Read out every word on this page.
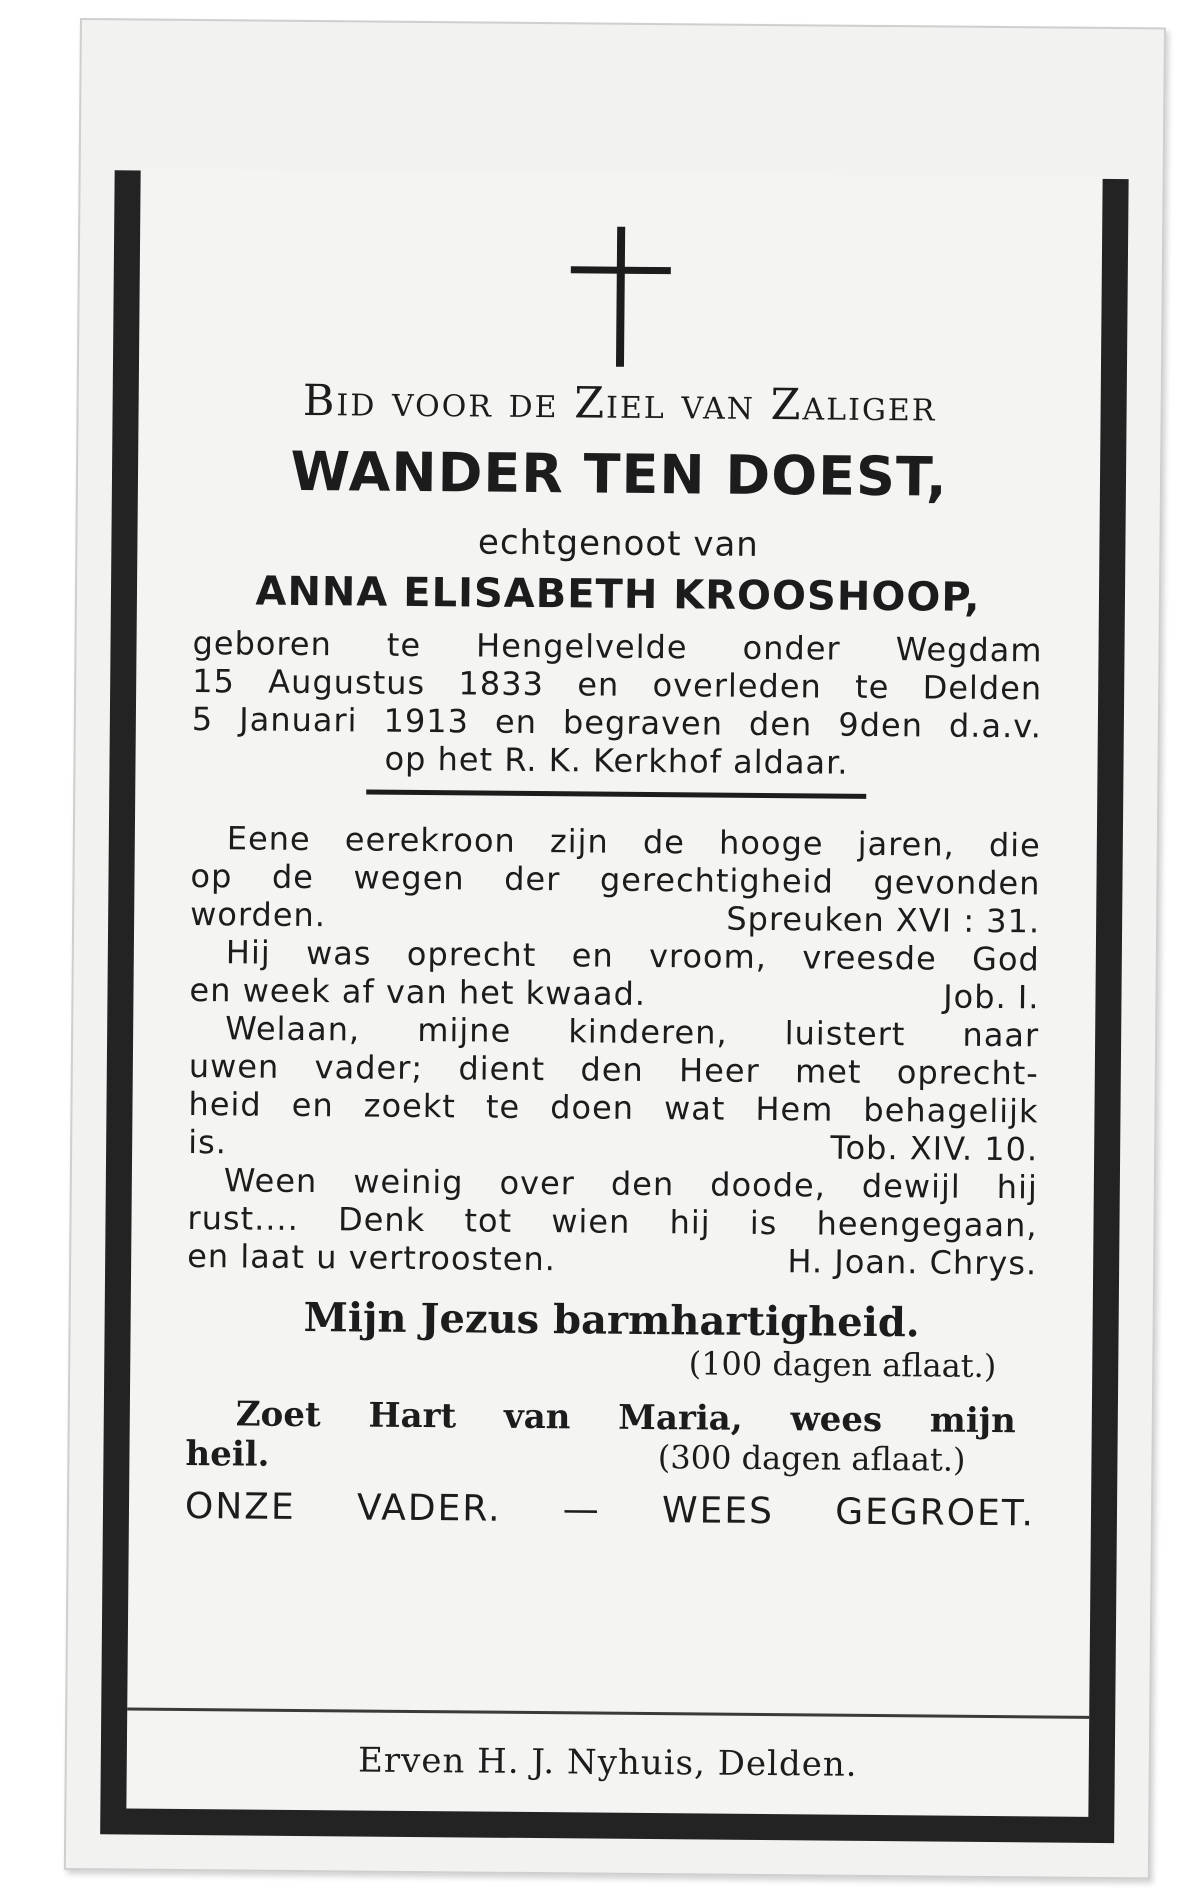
Bid voor de Ziel van Zaliger
WANDER TEN DOEST,
echtgenoot van
ANNA ELISABETH KROOSHOOP,
geboren te Hengelvelde onder Wegdam
15 Augustus 1833 en overleden te Delden
5 Januari 1913 en begraven den 9den d.a.v.
op het R. K. Kerkhof aldaar.
Eene eerekroon zijn de hooge jaren, die
op de wegen der gerechtigheid gevonden
worden.	Spreuken XVI : 31.
Hij was oprecht en vroom, vreesde God
en week af van het kwaad.	Job. I.
Welaan, mijne kinderen, luistert naar
uwen vader; dient den Heer met oprecht-
heid en zoekt te doen wat Hem behagelijk
is.	Tob. XIV. 10.
Ween weinig over den doode, dewijl hij
rust.... Denk tot wien hij is heengegaan,
en laat u vertroosten.	H. Joan. Chrys.
Mijn Jezus barmhartigheid.
(100 dagen aflaat.)
Zoet Hart van Maria, wees mijn
heil.	(300 dagen aflaat.)
ONZE VADER. — WEES GEGROET.
Erven H. J. Nyhuis, Delden.
